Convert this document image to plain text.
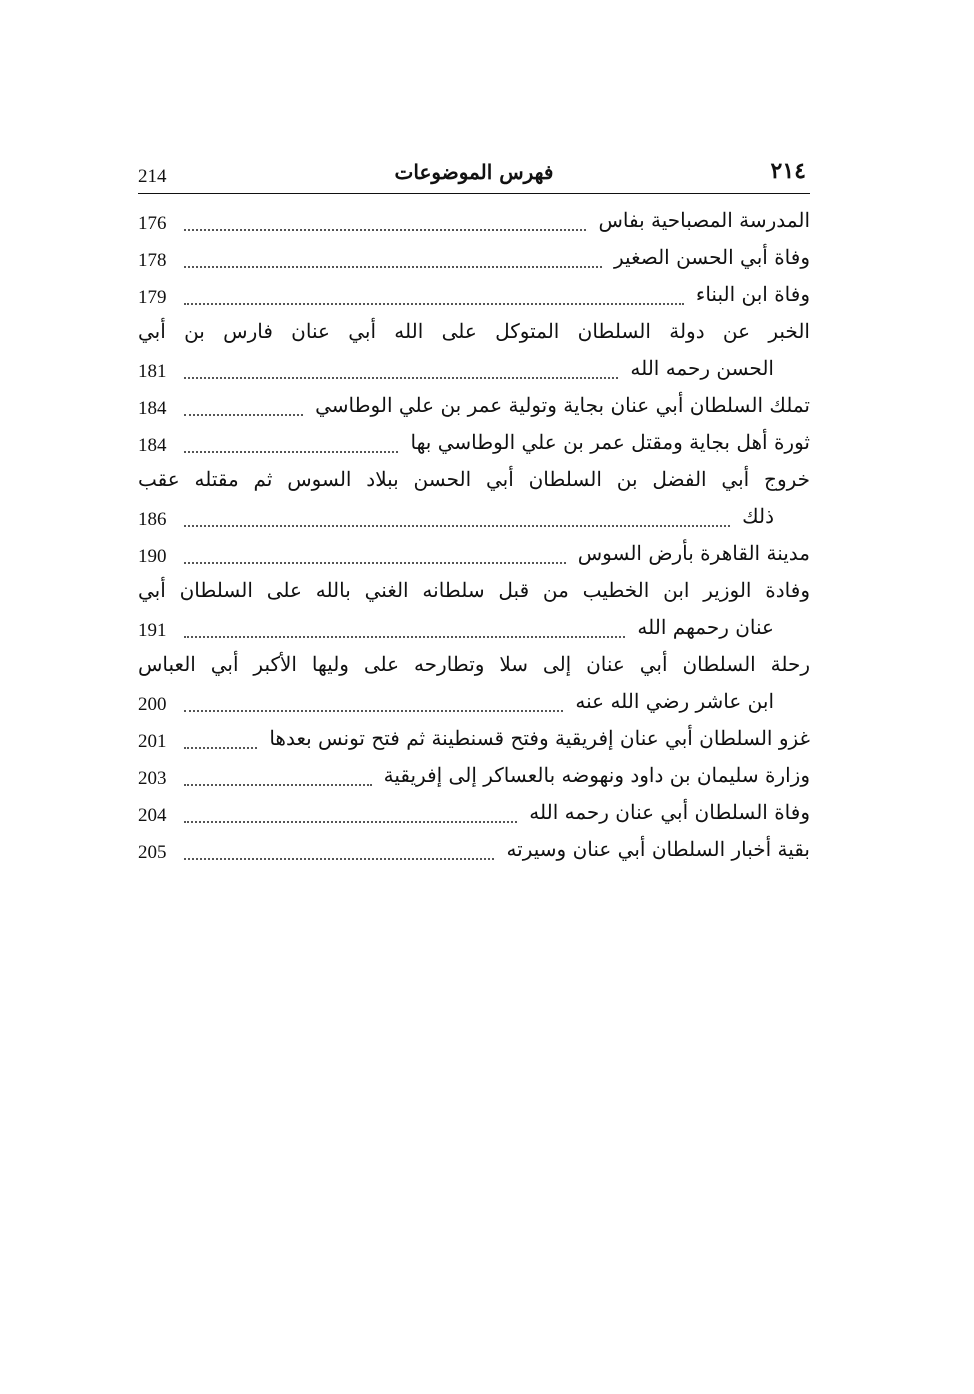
214	فهرس الموضوعات	٢١٤
المدرسة المصباحية بفاس
176
وفاة أبي الحسن الصغير
178
وفاة ابن البناء
179
الخبر عن دولة السلطان المتوكل على الله أبي عنان فارس بن أبي
الحسن رحمه الله
181
تملك السلطان أبي عنان بجاية وتولية عمر بن علي الوطاسي
184
ثورة أهل بجاية ومقتل عمر بن علي الوطاسي بها
184
خروج أبي الفضل بن السلطان أبي الحسن ببلاد السوس ثم مقتله عقب
ذلك
186
مدينة القاهرة بأرض السوس
190
وفادة الوزير ابن الخطيب من قبل سلطانه الغني بالله على السلطان أبي
عنان رحمهم الله
191
رحلة السلطان أبي عنان إلى سلا وتطارحه على وليها الأكبر أبي العباس
ابن عاشر رضي الله عنه
200
غزو السلطان أبي عنان إفريقية وفتح قسنطينة ثم فتح تونس بعدها
201
وزارة سليمان بن داود ونهوضه بالعساكر إلى إفريقية
203
وفاة السلطان أبي عنان رحمه الله
204
بقية أخبار السلطان أبي عنان وسيرته
205
